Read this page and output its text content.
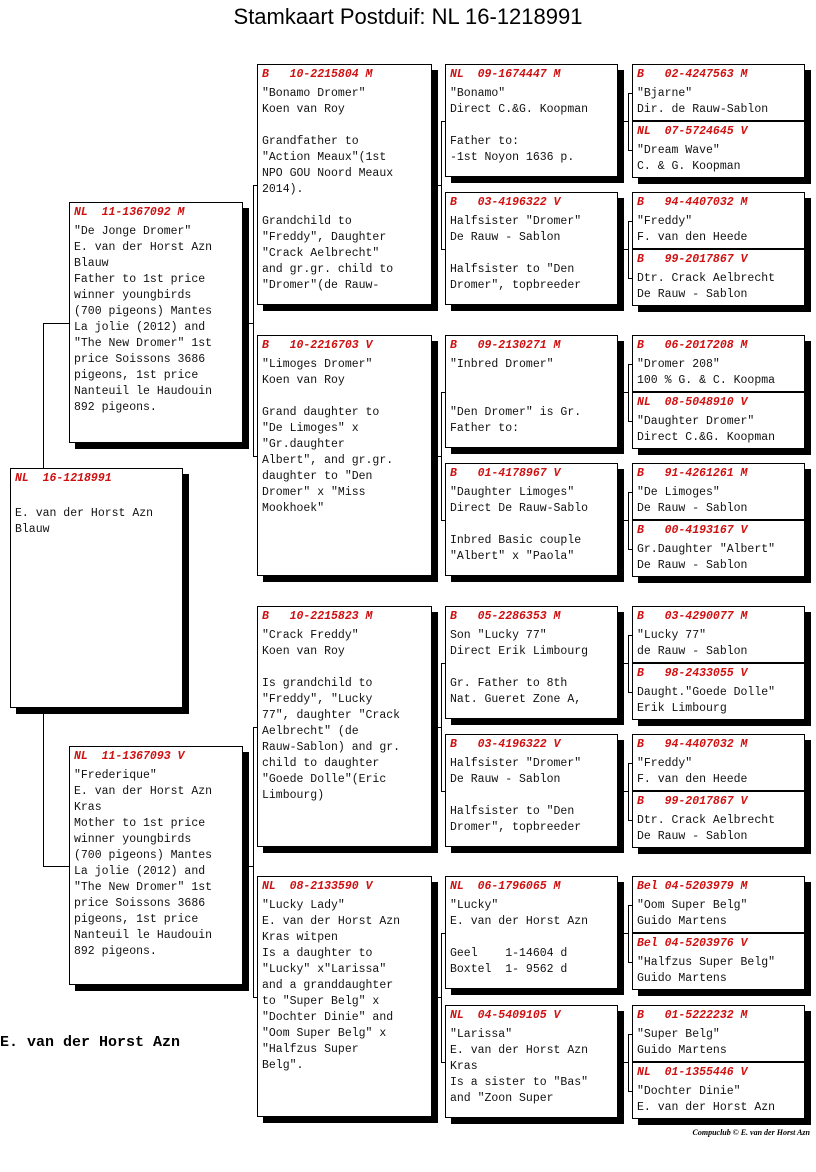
Stamkaart Postduif: NL 16-1218991
NL  16-1218991

E. van der Horst Azn
Blauw
NL  11-1367092 M
"De Jonge Dromer"
E. van der Horst Azn
Blauw
Father to 1st price
winner youngbirds
(700 pigeons) Mantes
La jolie (2012) and
"The New Dromer" 1st
price Soissons 3686
pigeons, 1st price
Nanteuil le Haudouin
892 pigeons.
NL  11-1367093 V
"Frederique"
E. van der Horst Azn
Kras
Mother to 1st price
winner youngbirds
(700 pigeons) Mantes
La jolie (2012) and
"The New Dromer" 1st
price Soissons 3686
pigeons, 1st price
Nanteuil le Haudouin
892 pigeons.
B   10-2215804 M
"Bonamo Dromer"
Koen van Roy

Grandfather to
"Action Meaux"(1st
NPO GOU Noord Meaux
2014).

Grandchild to
"Freddy", Daughter
"Crack Aelbrecht"
and gr.gr. child to
"Dromer"(de Rauw-
B   10-2216703 V
"Limoges Dromer"
Koen van Roy

Grand daughter to
"De Limoges" x
"Gr.daughter
Albert", and gr.gr.
daughter to "Den
Dromer" x "Miss
Mookhoek"
B   10-2215823 M
"Crack Freddy"
Koen van Roy

Is grandchild to
"Freddy", "Lucky
77", daughter "Crack
Aelbrecht" (de
Rauw-Sablon) and gr.
child to daughter
"Goede Dolle"(Eric
Limbourg)
NL  08-2133590 V
"Lucky Lady"
E. van der Horst Azn
Kras witpen
Is a daughter to
"Lucky" x"Larissa"
and a granddaughter
to "Super Belg" x
"Dochter Dinie" and
"Oom Super Belg" x
"Halfzus Super
Belg".
NL  09-1674447 M
"Bonamo"
Direct C.&G. Koopman

Father to:
-1st Noyon 1636 p.
B   03-4196322 V
Halfsister "Dromer"
De Rauw - Sablon

Halfsister to "Den
Dromer", topbreeder
B   09-2130271 M
"Inbred Dromer"

"Den Dromer" is Gr.
Father to:
B   01-4178967 V
"Daughter Limoges"
Direct De Rauw-Sablo

Inbred Basic couple
"Albert" x "Paola"
B   05-2286353 M
Son "Lucky 77"
Direct Erik Limbourg

Gr. Father to 8th
Nat. Gueret Zone A,
B   03-4196322 V
Halfsister "Dromer"
De Rauw - Sablon

Halfsister to "Den
Dromer", topbreeder
NL  06-1796065 M
"Lucky"
E. van der Horst Azn

Geel    1-14604 d
Boxtel  1- 9562 d
NL  04-5409105 V
"Larissa"
E. van der Horst Azn
Kras
Is a sister to "Bas"
and "Zoon Super
B   02-4247563 M
"Bjarne"
Dir. de Rauw-Sablon
NL  07-5724645 V
"Dream Wave"
C. & G. Koopman
B   94-4407032 M
"Freddy"
F. van den Heede
B   99-2017867 V
Dtr. Crack Aelbrecht
De Rauw - Sablon
B   06-2017208 M
"Dromer 208"
100 % G. & C. Koopma
NL  08-5048910 V
"Daughter Dromer"
Direct C.&G. Koopman
B   91-4261261 M
"De Limoges"
De Rauw - Sablon
B   00-4193167 V
Gr.Daughter "Albert"
De Rauw - Sablon
B   03-4290077 M
"Lucky 77"
de Rauw - Sablon
B   98-2433055 V
Daught."Goede Dolle"
Erik Limbourg
B   94-4407032 M
"Freddy"
F. van den Heede
B   99-2017867 V
Dtr. Crack Aelbrecht
De Rauw - Sablon
Bel 04-5203979 M
"Oom Super Belg"
Guido Martens
Bel 04-5203976 V
"Halfzus Super Belg"
Guido Martens
B   01-5222232 M
"Super Belg"
Guido Martens
NL  01-1355446 V
"Dochter Dinie"
E. van der Horst Azn
E. van der Horst Azn
Compuclub © E. van der Horst Azn
